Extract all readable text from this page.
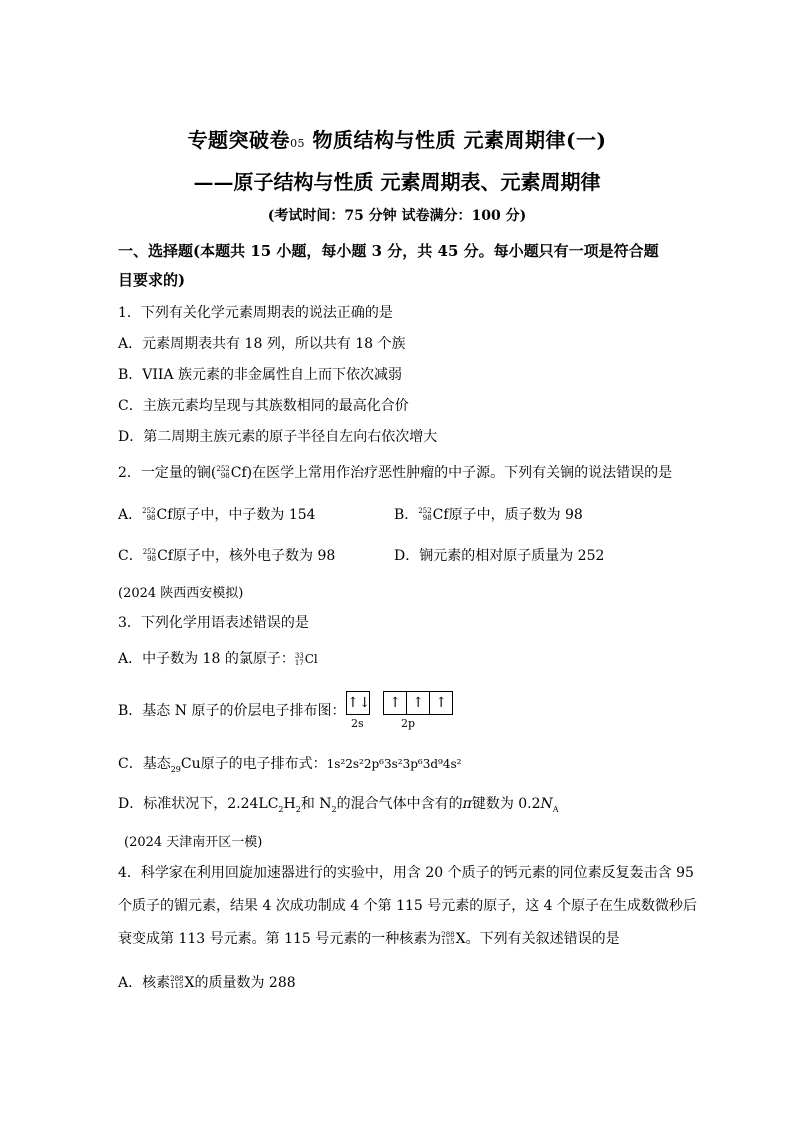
专题突破卷05 物质结构与性质 元素周期律(一)
——原子结构与性质 元素周期表、元素周期律
(考试时间：75 分钟 试卷满分：100 分)
一、选择题(本题共 15 小题，每小题 3 分，共 45 分。每小题只有一项是符合题
目要求的)
1．下列有关化学元素周期表的说法正确的是
A．元素周期表共有 18 列，所以共有 18 个族
B．VIIA 族元素的非金属性自上而下依次减弱
C．主族元素均呈现与其族数相同的最高化合价
D．第二周期主族元素的原子半径自左向右依次增大
2．一定量的锎( 252
98 Cf)在医学上常用作治疗恶性肿瘤的中子源。下列有关锎的说法错误的是
A． 252
98 Cf原子中，中子数为 154	B． 252
98 Cf原子中，质子数为 98
C． 252
98 Cf原子中，核外电子数为 98	D．锎元素的相对原子质量为 252
(2024 陕西西安模拟)
3．下列化学用语表述错误的是
A．中子数为 18 的氯原子： 33
17 Cl
B．基态 N 原子的价层电子排布图： ↑↓ ↑ ↑ ↑
2s	2p
C．基态$_{29}$Cu原子的电子排布式：1s²2s²2p⁶3s²3p⁶3d⁹4s²
D．标准状况下，$2.24LC_2H_2$和 $N_2$的混合气体中含有的π键数为 $0.2N_A$
(2024 天津南开区一模)
4．科学家在利用回旋加速器进行的实验中，用含 20 个质子的钙元素的同位素反复轰击含 95
个质子的镅元素，结果 4 次成功制成 4 个第 115 号元素的原子，这 4 个原子在生成数微秒后
衰变成第 113 号元素。第 115 号元素的一种核素为 288
115 X。下列有关叙述错误的是
A．核素 288
115 X的质量数为 288
